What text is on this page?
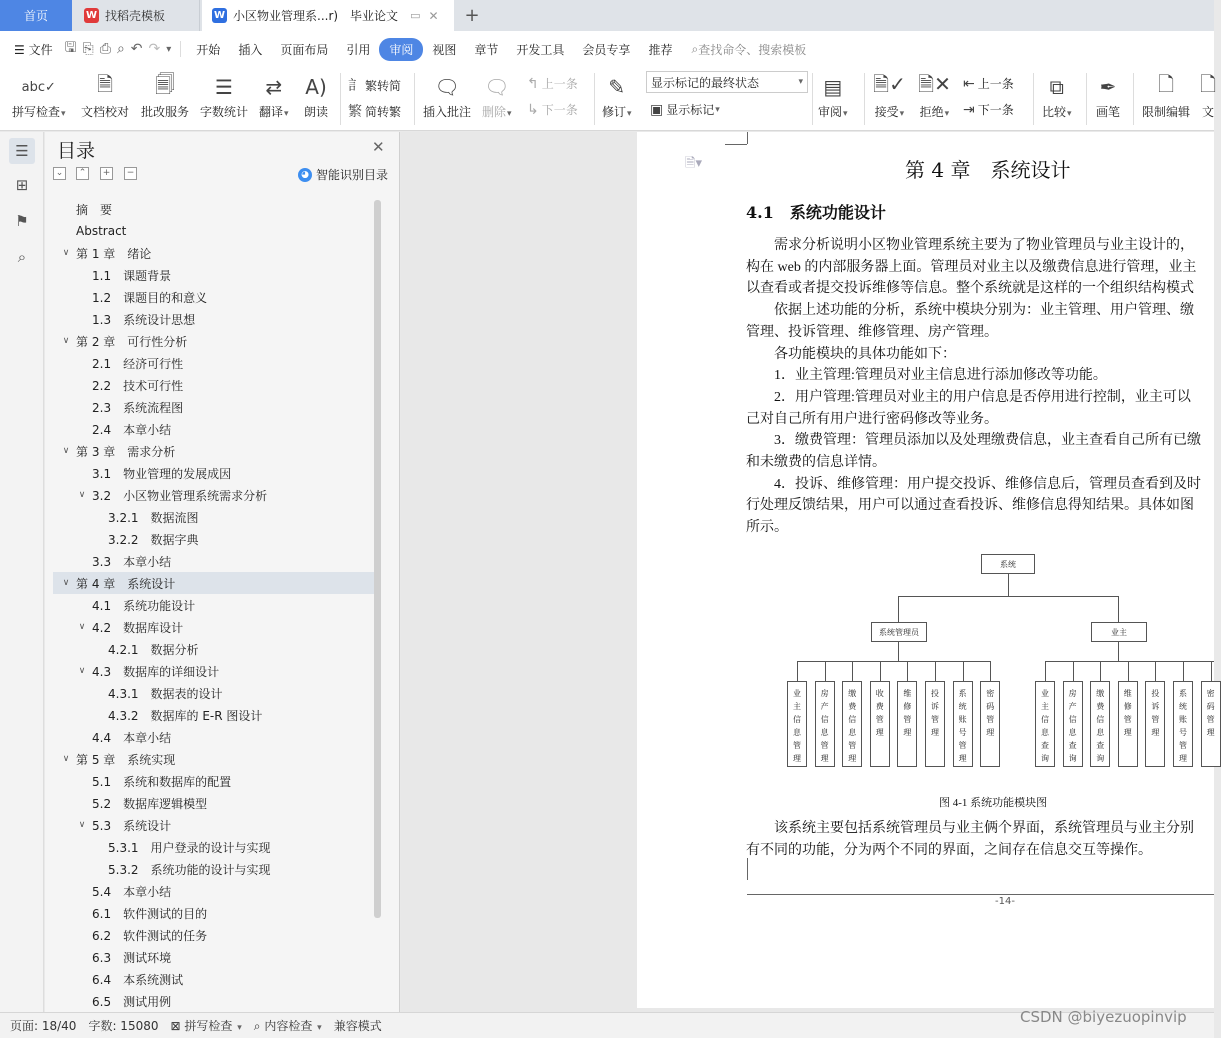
首页	W 找稻壳模板	W 小区物业管理系...r)　毕业论文 ▭ ✕ +
☰ 文件 🖫 ⎘ ⎙ ⌕ ↶ ↷ ▾	开始	插入	页面布局	引用	审阅	视图	章节	开发工具	会员专享	推荐	⌕ 查找命令、搜索模板
abc✓
拼写检查▾
🗎
文档校对
🗐
批改服务
☰
字数统计
⇄
翻译▾
A)
朗读
訁 繁转简
繁 简转繁
🗨
插入批注
🗨
删除▾
↰ 上一条
↳ 下一条
✎
修订▾
显示标记的最终状态	▾
▣ 显示标记 ▾
▤
审阅▾
🗎✓
接受▾
🗎✕
拒绝▾
⇤ 上一条
⇥ 下一条
⧉
比较▾
✒
画笔
🗋
限制编辑
🗋
文
☰
⊞
⚑
⌕
目录	✕
⌄	⌃	+	−	◕ 智能识别目录
摘　要
Abstract
∨ 第 1 章　绪论
1.1　课题背景
1.2　课题目的和意义
1.3　系统设计思想
∨ 第 2 章　可行性分析
2.1　经济可行性
2.2　技术可行性
2.3　系统流程图
2.4　本章小结
∨ 第 3 章　需求分析
3.1　物业管理的发展成因
∨ 3.2　小区物业管理系统需求分析
3.2.1　数据流图
3.2.2　数据字典
3.3　本章小结
∨ 第 4 章　系统设计
4.1　系统功能设计
∨ 4.2　数据库设计
4.2.1　数据分析
∨ 4.3　数据库的详细设计
4.3.1　数据表的设计
4.3.2　数据库的 E-R 图设计
4.4　本章小结
∨ 第 5 章　系统实现
5.1　系统和数据库的配置
5.2　数据库逻辑模型
∨ 5.3　系统设计
5.3.1　用户登录的设计与实现
5.3.2　系统功能的设计与实现
5.4　本章小结
6.1　软件测试的目的
6.2　软件测试的任务
6.3　测试环境
6.4　本系统测试
6.5　测试用例
🗎▾	第 4 章　系统设计
4.1　系统功能设计
　　需求分析说明小区物业管理系统主要为了物业管理员与业主设计的，
构在 web 的内部服务器上面。管理员对业主以及缴费信息进行管理，业主
以查看或者提交投诉维修等信息。整个系统就是这样的一个组织结构模式
　　依据上述功能的分析，系统中模块分别为：业主管理、用户管理、缴
管理、投诉管理、维修管理、房产管理。
　　各功能模块的具体功能如下：
　　1．业主管理:管理员对业主信息进行添加修改等功能。
　　2．用户管理:管理员对业主的用户信息是否停用进行控制，业主可以
己对自己所有用户进行密码修改等业务。
　　3．缴费管理：管理员添加以及处理缴费信息，业主查看自己所有已缴
和未缴费的信息详情。
　　4．投诉、维修管理：用户提交投诉、维修信息后，管理员查看到及时
行处理反馈结果，用户可以通过查看投诉、维修信息得知结果。具体如图
所示。
系统
系统管理员	业主
业
主
信
息
管
理
房
产
信
息
管
理
缴
费
信
息
管
理
收
费
管
理
维
修
管
理
投
诉
管
理
系
统
账
号
管
理
密
码
管
理
业
主
信
息
查
询
房
产
信
息
查
询
缴
费
信
息
查
询
维
修
管
理
投
诉
管
理
系
统
账
号
管
理
密
码
管
理
图 4-1 系统功能模块图
　　该系统主要包括系统管理员与业主俩个界面，系统管理员与业主分别
有不同的功能，分为两个不同的界面，之间存在信息交互等操作。
-14-
页面: 18/40	字数: 15080	⊠ 拼写检查 ▾	⌕ 内容检查 ▾	兼容模式	CSDN @biyezuopinvip
